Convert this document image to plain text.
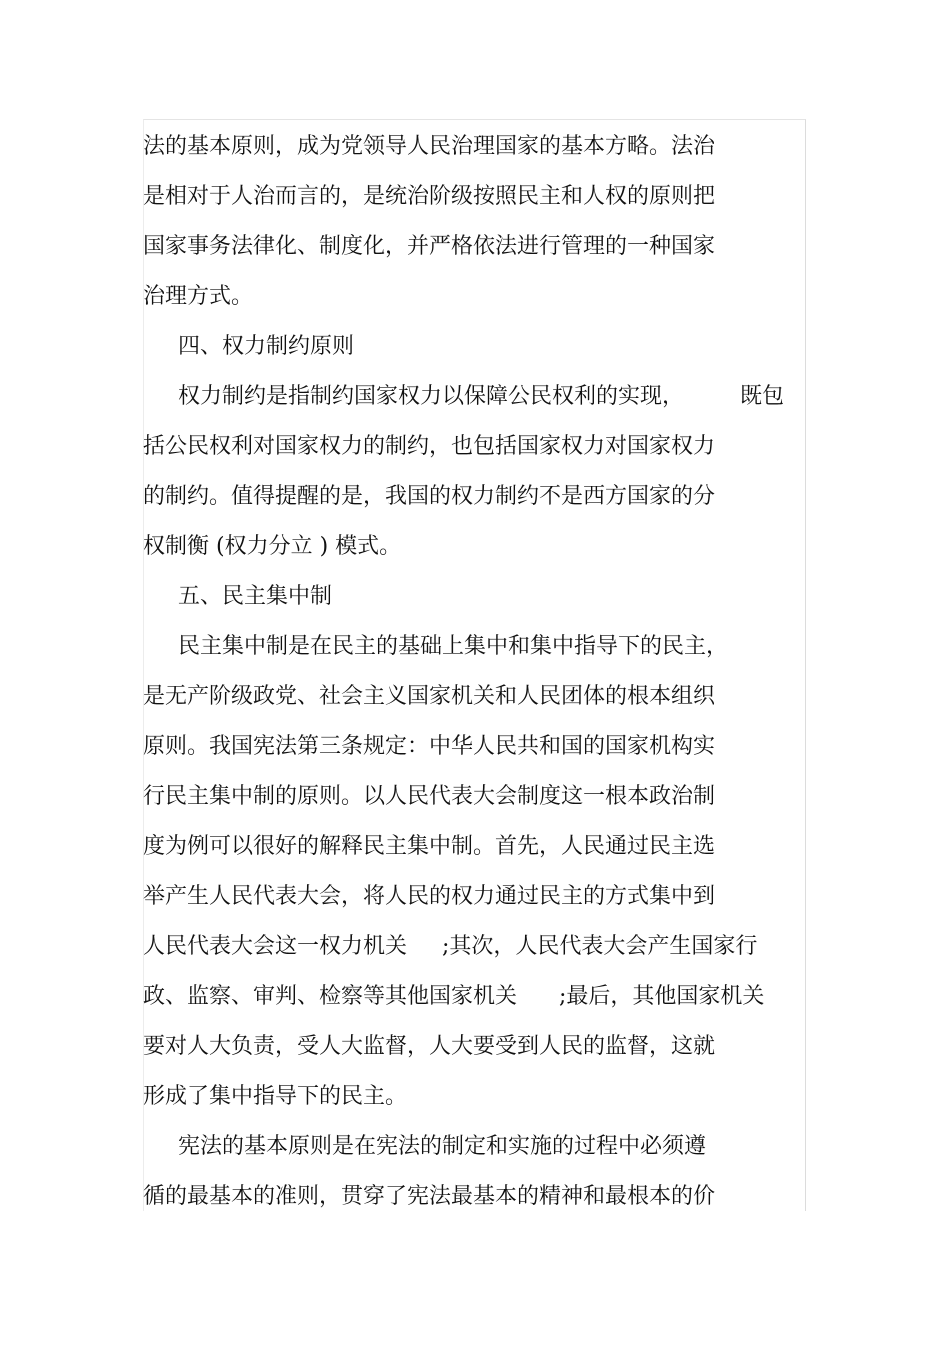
法的基本原则，成为党领导人民治理国家的基本方略。法治
是相对于人治而言的，是统治阶级按照民主和人权的原则把
国家事务法律化、制度化，并严格依法进行管理的一种国家
治理方式。
四、权力制约原则
权力制约是指制约国家权力以保障公民权利的实现，        既包
括公民权利对国家权力的制约，也包括国家权力对国家权力
的制约。值得提醒的是，我国的权力制约不是西方国家的分
权制衡 (权力分立 ) 模式。
五、民主集中制
民主集中制是在民主的基础上集中和集中指导下的民主，
是无产阶级政党、社会主义国家机关和人民团体的根本组织
原则。我国宪法第三条规定：中华人民共和国的国家机构实
行民主集中制的原则。以人民代表大会制度这一根本政治制
度为例可以很好的解释民主集中制。首先，人民通过民主选
举产生人民代表大会，将人民的权力通过民主的方式集中到
人民代表大会这一权力机关     ;其次，人民代表大会产生国家行
政、监察、审判、检察等其他国家机关      ;最后，其他国家机关
要对人大负责，受人大监督，人大要受到人民的监督，这就
形成了集中指导下的民主。
宪法的基本原则是在宪法的制定和实施的过程中必须遵
循的最基本的准则，贯穿了宪法最基本的精神和最根本的价
